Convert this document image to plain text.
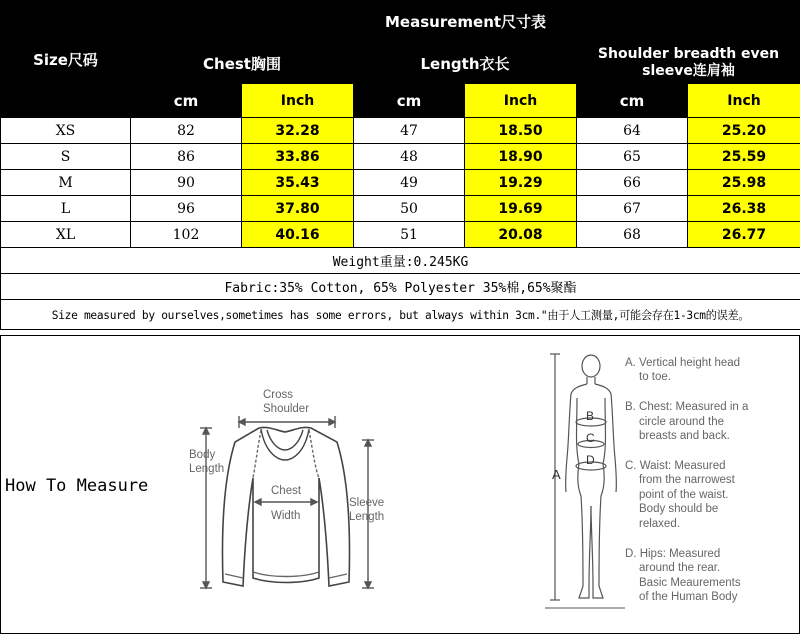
Size尺码	Measurement尺寸表					
	Chest胸围		Length衣长		Shoulder breadth even
sleeve连肩袖	
	cm	Inch	cm	Inch	cm	Inch
XS	82	32.28	47	18.50	64	25.20
S	86	33.86	48	18.90	65	25.59
M	90	35.43	49	19.29	66	25.98
L	96	37.80	50	19.69	67	26.38
XL	102	40.16	51	20.08	68	26.77
Weight重量:0.245KG						
Fabric:35% Cotton, 65% Polyester 35%棉,65%聚酯						
Size measured by ourselves,sometimes has some errors, but always within 3cm."由于人工测量,可能会存在1-3cm的误差。						
How To Measure
Cross
Shoulder
Body
Length
Chest
Width
Sleeve
Length
A
B
C
D
A. Vertical height head
to toe.
B. Chest: Measured in a
circle around the
breasts and back.
C. Waist: Measured
from the narrowest
point of the waist.
Body should be
relaxed.
D. Hips: Measured
around the rear.
Basic Meaurements
of the Human Body
